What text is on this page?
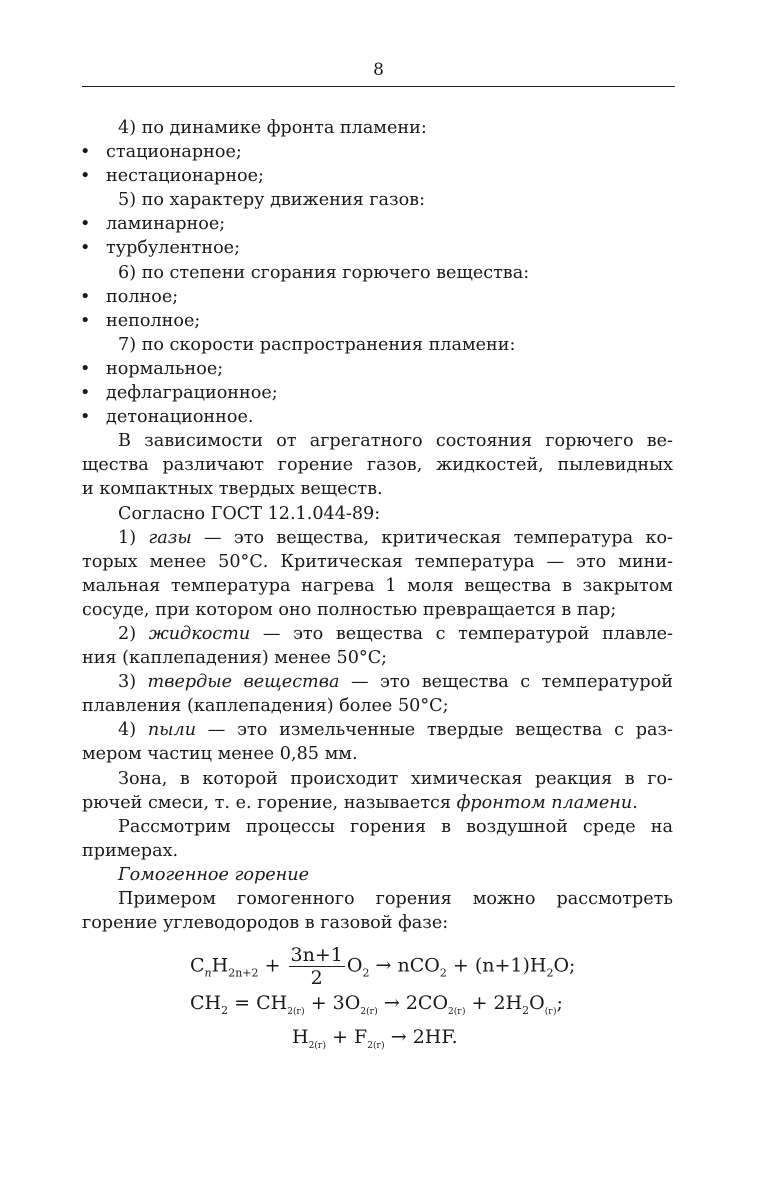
8
4) по динамике фронта пламени:
• стационарное;
• нестационарное;
5) по характеру движения газов:
• ламинарное;
• турбулентное;
6) по степени сгорания горючего вещества:
• полное;
• неполное;
7) по скорости распространения пламени:
• нормальное;
• дефлаграционное;
• детонационное.
В зависимости от агрегатного состояния горючего ве-
щества различают горение газов, жидкостей, пылевидных
и компактных твердых веществ.
Согласно ГОСТ 12.1.044-89:
1) газы — это вещества, критическая температура ко-
торых менее 50°С. Критическая температура — это мини-
мальная температура нагрева 1 моля вещества в закрытом
сосуде, при котором оно полностью превращается в пар;
2) жидкости — это вещества с температурой плавле-
ния (каплепадения) менее 50°С;
3) твердые вещества — это вещества с температурой
плавления (каплепадения) более 50°С;
4) пыли — это измельченные твердые вещества с раз-
мером частиц менее 0,85 мм.
Зона, в которой происходит химическая реакция в го-
рючей смеси, т. е. горение, называется фронтом пламени.
Рассмотрим процессы горения в воздушной среде на
примерах.
Гомогенное горение
Примером гомогенного горения можно рассмотреть
горение углеводородов в газовой фазе:
$C_nH_{2n+2} + \frac{3n+1}{2} O_2 \to nCO_2 + (n+1)H_2O$;
$CH_2 = CH_{2(г)} + 3O_{2(г)} \to 2CO_{2(г)} + 2H_2O_{(г)}$;
$H_{2(г)} + F_{2(г)} \to 2HF$.
